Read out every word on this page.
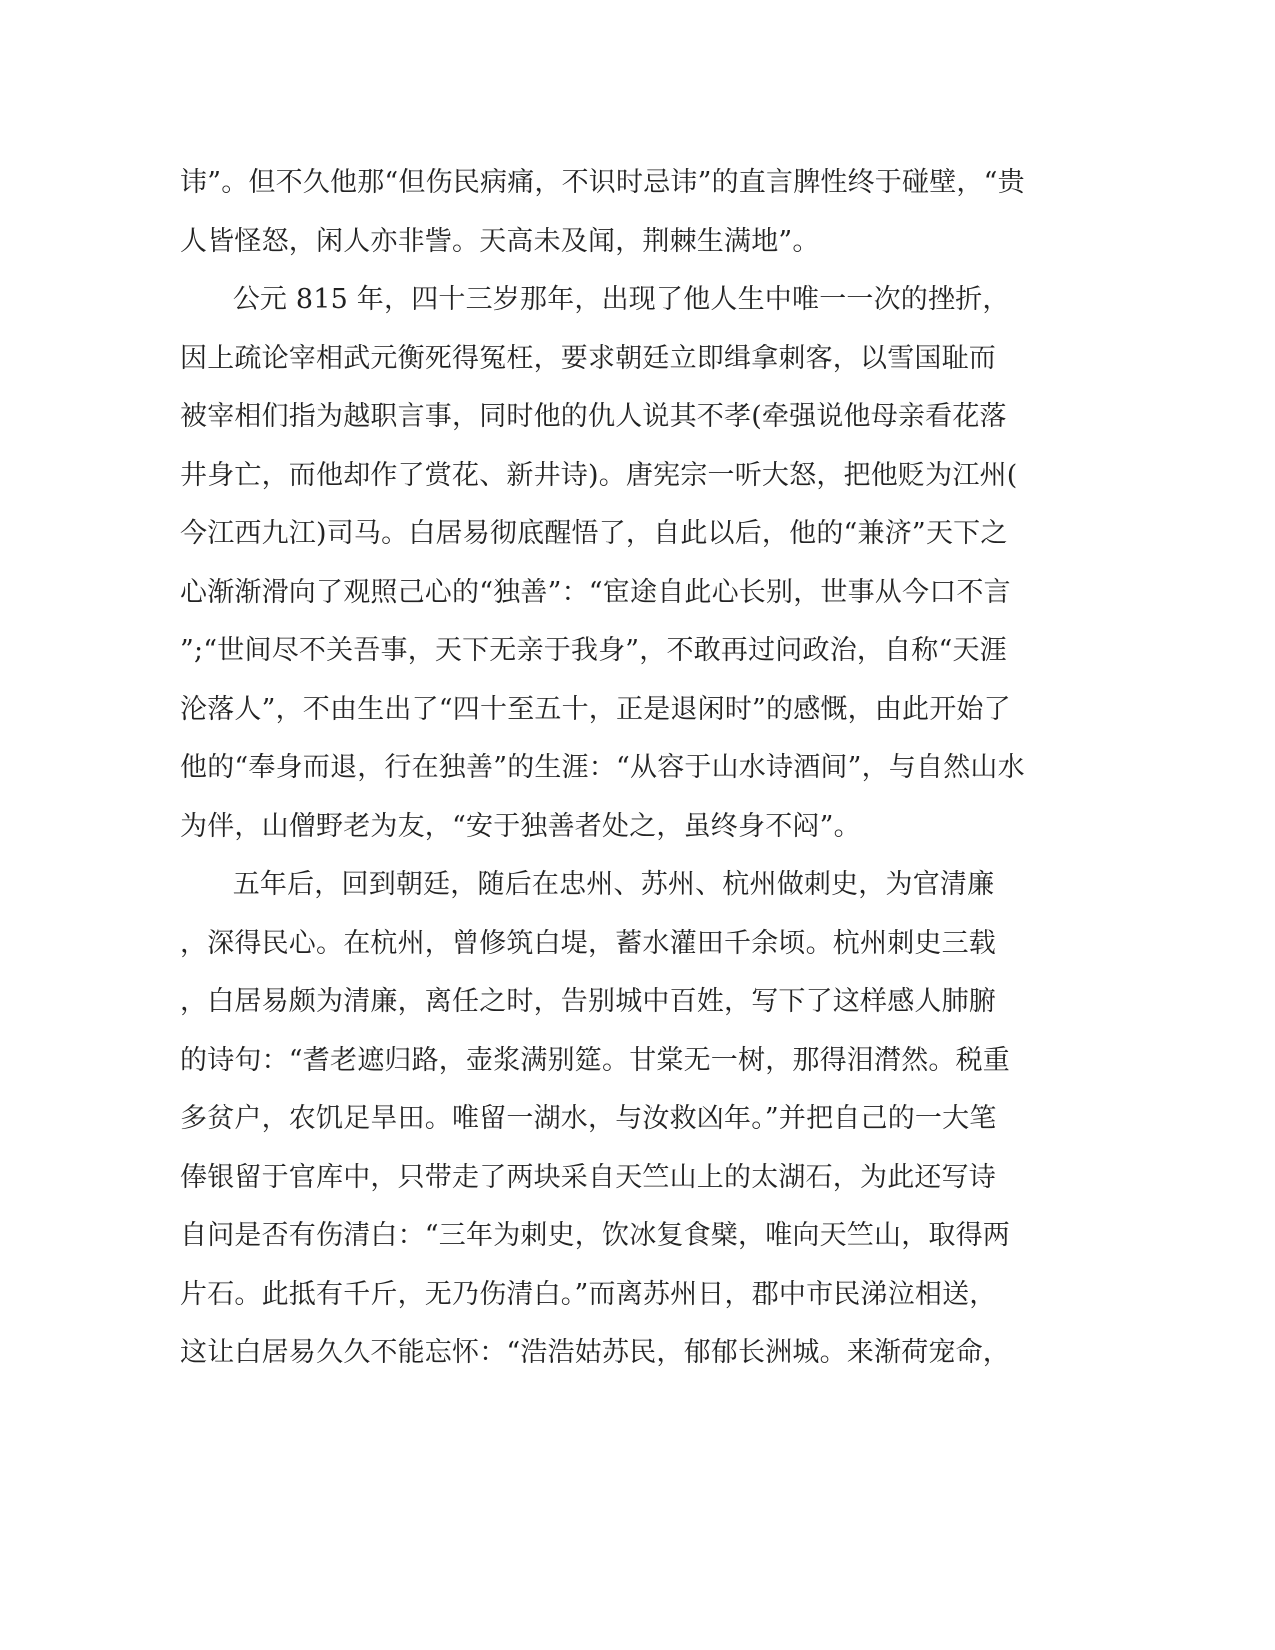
讳”。但不久他那“但伤民病痛，不识时忌讳”的直言脾性终于碰壁，“贵
人皆怪怒，闲人亦非訾。天高未及闻，荆棘生满地”。
公元 815 年，四十三岁那年，出现了他人生中唯一一次的挫折，
因上疏论宰相武元衡死得冤枉，要求朝廷立即缉拿刺客，以雪国耻而
被宰相们指为越职言事，同时他的仇人说其不孝(牵强说他母亲看花落
井身亡，而他却作了赏花、新井诗)。唐宪宗一听大怒，把他贬为江州(
今江西九江)司马。白居易彻底醒悟了，自此以后，他的“兼济”天下之
心渐渐滑向了观照己心的“独善”：“宦途自此心长别，世事从今口不言
”;“世间尽不关吾事，天下无亲于我身”，不敢再过问政治，自称“天涯
沦落人”，不由生出了“四十至五十，正是退闲时”的感慨，由此开始了
他的“奉身而退，行在独善”的生涯：“从容于山水诗酒间”，与自然山水
为伴，山僧野老为友，“安于独善者处之，虽终身不闷”。
五年后，回到朝廷，随后在忠州、苏州、杭州做刺史，为官清廉
，深得民心。在杭州，曾修筑白堤，蓄水灌田千余顷。杭州刺史三载
，白居易颇为清廉，离任之时，告别城中百姓，写下了这样感人肺腑
的诗句：“耆老遮归路，壶浆满别筵。甘棠无一树，那得泪潸然。税重
多贫户，农饥足旱田。唯留一湖水，与汝救凶年。”并把自己的一大笔
俸银留于官库中，只带走了两块采自天竺山上的太湖石，为此还写诗
自问是否有伤清白：“三年为刺史，饮冰复食檗，唯向天竺山，取得两
片石。此抵有千斤，无乃伤清白。”而离苏州日，郡中市民涕泣相送，
这让白居易久久不能忘怀：“浩浩姑苏民，郁郁长洲城。来渐荷宠命，
